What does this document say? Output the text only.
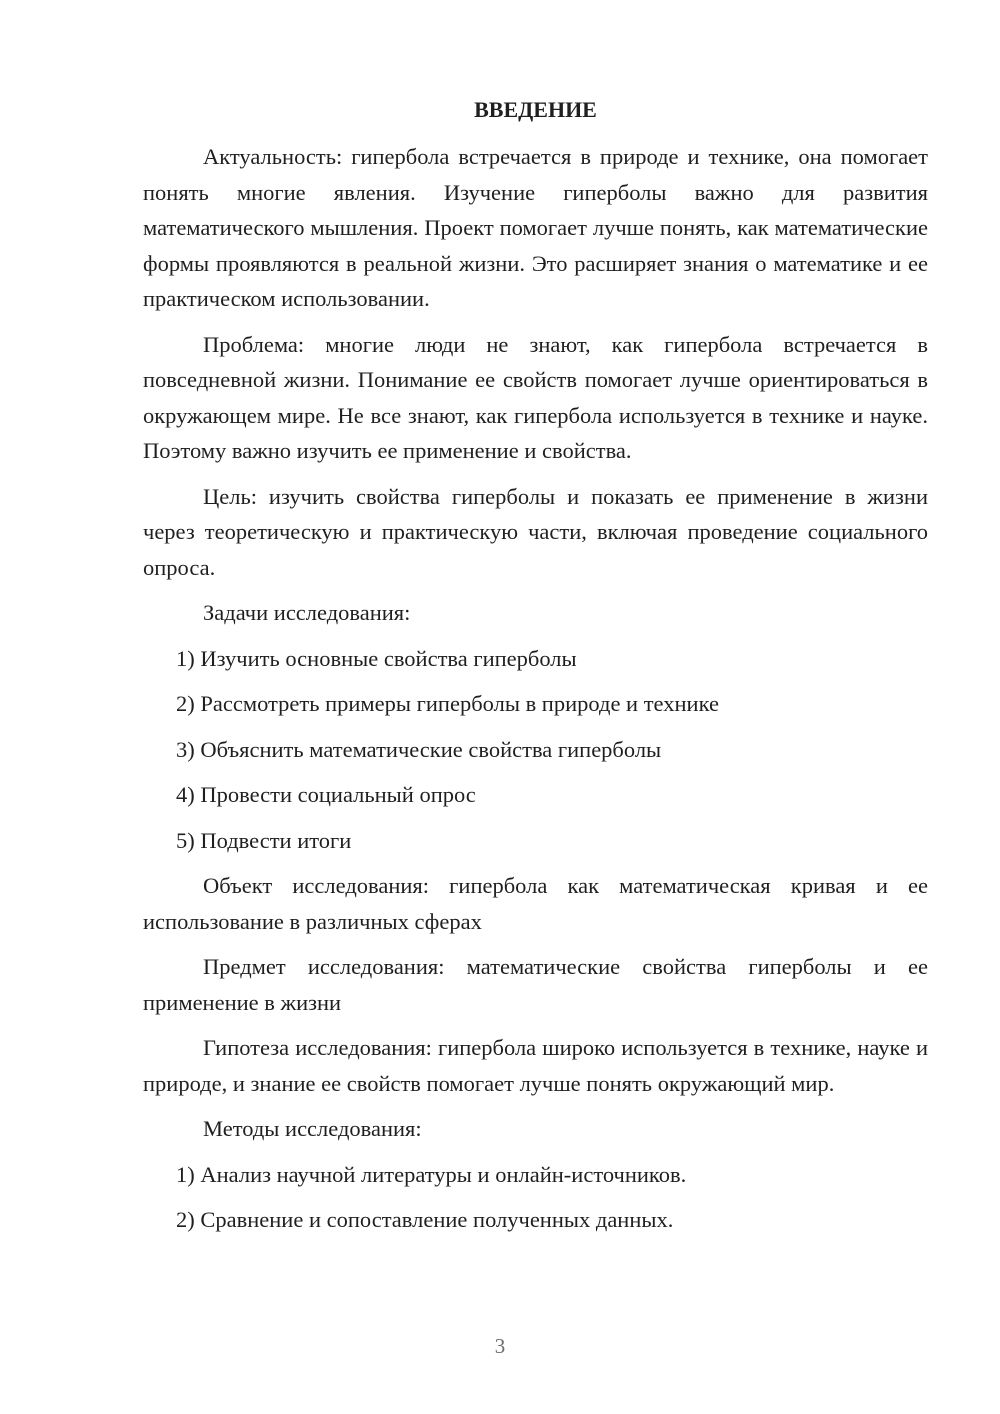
ВВЕДЕНИЕ

Актуальность: гипербола встречается в природе и технике, она помогает понять многие явления. Изучение гиперболы важно для развития математического мышления. Проект помогает лучше понять, как математические формы проявляются в реальной жизни. Это расширяет знания о математике и ее практическом использовании.

Проблема: многие люди не знают, как гипербола встречается в повседневной жизни. Понимание ее свойств помогает лучше ориентироваться в окружающем мире. Не все знают, как гипербола используется в технике и науке. Поэтому важно изучить ее применение и свойства.

Цель: изучить свойства гиперболы и показать ее применение в жизни через теоретическую и практическую части, включая проведение социального опроса.

Задачи исследования:

1) Изучить основные свойства гиперболы
2) Рассмотреть примеры гиперболы в природе и технике
3) Объяснить математические свойства гиперболы
4) Провести социальный опрос
5) Подвести итоги

Объект исследования: гипербола как математическая кривая и ее использование в различных сферах

Предмет исследования: математические свойства гиперболы и ее применение в жизни

Гипотеза исследования: гипербола широко используется в технике, науке и природе, и знание ее свойств помогает лучше понять окружающий мир.

Методы исследования:

1) Анализ научной литературы и онлайн-источников.
2) Сравнение и сопоставление полученных данных.
3
